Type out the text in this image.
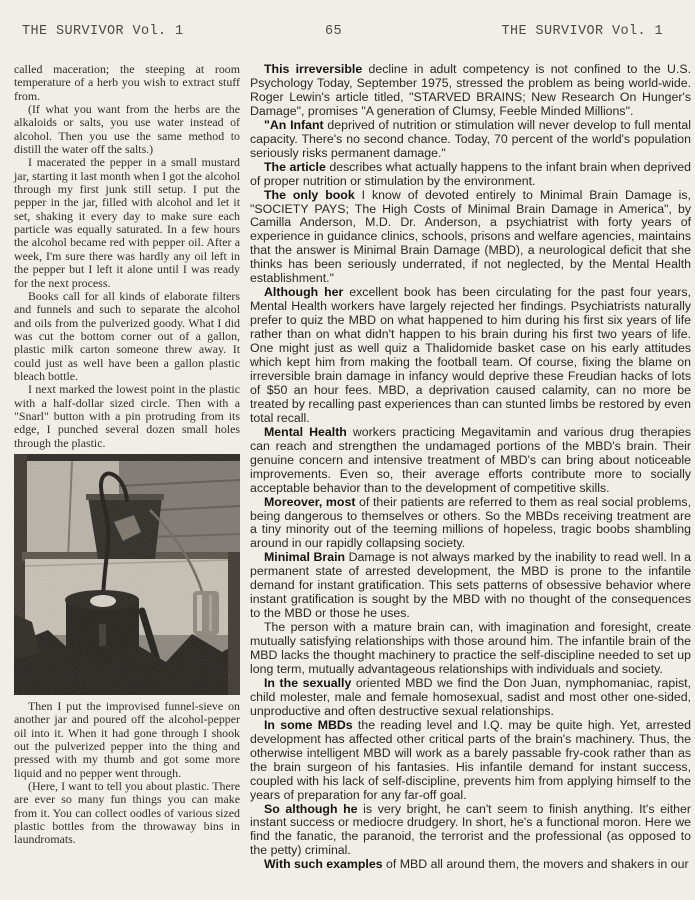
THE SURVIVOR Vol. 1	65	THE SURVIVOR Vol. 1

called maceration; the steeping at room temperature of a herb you wish to extract stuff from.

(If what you want from the herbs are the alkaloids or salts, you use water instead of alcohol. Then you use the same method to distill the water off the salts.)

I macerated the pepper in a small mustard jar, starting it last month when I got the alcohol through my first junk still setup. I put the pepper in the jar, filled with alcohol and let it set, shaking it every day to make sure each particle was equally saturated. In a few hours the alcohol became red with pepper oil. After a week, I'm sure there was hardly any oil left in the pepper but I left it alone until I was ready for the next process.

Books call for all kinds of elaborate filters and funnels and such to separate the alcohol and oils from the pulverized goody. What I did was cut the bottom corner out of a gallon, plastic milk carton someone threw away. It could just as well have been a gallon plastic bleach bottle.

I next marked the lowest point in the plastic with a half-dollar sized circle. Then with a "Snarl" button with a pin protruding from its edge, I punched several dozen small holes through the plastic.

Then I put the improvised funnel-sieve on another jar and poured off the alcohol-pepper oil into it. When it had gone through I shook out the pulverized pepper into the thing and pressed with my thumb and got some more liquid and no pepper went through.

(Here, I want to tell you about plastic. There are ever so many fun things you can make from it. You can collect oodles of various sized plastic bottles from the throwaway bins in laundromats.

This irreversible decline in adult competency is not confined to the U.S. Psychology Today, September 1975, stressed the problem as being world-wide. Roger Lewin's article titled, "STARVED BRAINS; New Research On Hunger's Damage", promises "A generation of Clumsy, Feeble Minded Millions".

"An Infant deprived of nutrition or stimulation will never develop to full mental capacity. There's no second chance. Today, 70 percent of the world's population seriously risks permanent damage."

The article describes what actually happens to the infant brain when deprived of proper nutrition or stimulation by the environment.

The only book I know of devoted entirely to Minimal Brain Damage is, "SOCIETY PAYS; The High Costs of Minimal Brain Damage in America", by Camilla Anderson, M.D. Dr. Anderson, a psychiatrist with forty years of experience in guidance clinics, schools, prisons and welfare agencies, maintains that the answer is Minimal Brain Damage (MBD), a neurological deficit that she thinks has been seriously underrated, if not neglected, by the Mental Health establishment."

Although her excellent book has been circulating for the past four years, Mental Health workers have largely rejected her findings. Psychiatrists naturally prefer to quiz the MBD on what happened to him during his first six years of life rather than on what didn't happen to his brain during his first two years of life. One might just as well quiz a Thalidomide basket case on his early attitudes which kept him from making the football team. Of course, fixing the blame on irreversible brain damage in infancy would deprive these Freudian hacks of lots of $50 an hour fees. MBD, a deprivation caused calamity, can no more be treated by recalling past experiences than can stunted limbs be restored by even total recall.

Mental Health workers practicing Megavitamin and various drug therapies can reach and strengthen the undamaged portions of the MBD's brain. Their genuine concern and intensive treatment of MBD's can bring about noticeable improvements. Even so, their average efforts contribute more to socially acceptable behavior than to the development of competitive skills.

Moreover, most of their patients are referred to them as real social problems, being dangerous to themselves or others. So the MBDs receiving treatment are a tiny minority out of the teeming millions of hopeless, tragic boobs shambling around in our rapidly collapsing society.

Minimal Brain Damage is not always marked by the inability to read well. In a permanent state of arrested development, the MBD is prone to the infantile demand for instant gratification. This sets patterns of obsessive behavior where instant gratification is sought by the MBD with no thought of the consequences to the MBD or those he uses.

The person with a mature brain can, with imagination and foresight, create mutually satisfying relationships with those around him. The infantile brain of the MBD lacks the thought machinery to practice the self-discipline needed to set up long term, mutually advantageous relationships with individuals and society.

In the sexually oriented MBD we find the Don Juan, nymphomaniac, rapist, child molester, male and female homosexual, sadist and most other one-sided, unproductive and often destructive sexual relationships.

In some MBDs the reading level and I.Q. may be quite high. Yet, arrested development has affected other critical parts of the brain's machinery. Thus, the otherwise intelligent MBD will work as a barely passable fry-cook rather than as the brain surgeon of his fantasies. His infantile demand for instant success, coupled with his lack of self-discipline, prevents him from applying himself to the years of preparation for any far-off goal.

So although he is very bright, he can't seem to finish anything. It's either instant success or mediocre drudgery. In short, he's a functional moron. Here we find the fanatic, the paranoid, the terrorist and the professional (as opposed to the petty) criminal.

With such examples of MBD all around them, the movers and shakers in our
